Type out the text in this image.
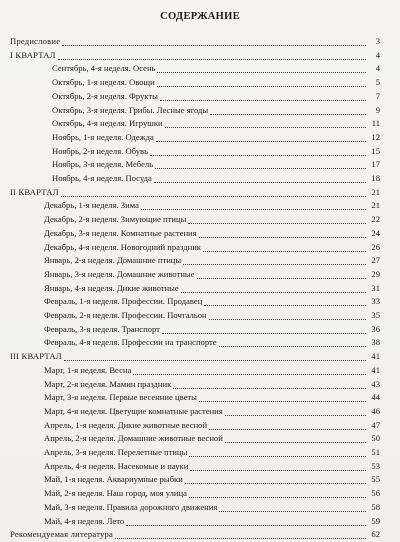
СОДЕРЖАНИЕ
Предисловие	3
I КВАРТАЛ	4
Сентябрь, 4-я неделя. Осень	4
Октябрь, 1-я неделя. Овощи	5
Октябрь, 2-я неделя. Фрукты	7
Октябрь, 3-я неделя. Грибы. Лесные ягоды	9
Октябрь, 4-я неделя. Игрушки	11
Ноябрь, 1-я неделя. Одежда	12
Ноябрь, 2-я неделя. Обувь	15
Ноябрь, 3-я неделя. Мебель	17
Ноябрь, 4-я неделя. Посуда	18
II КВАРТАЛ	21
Декабрь, 1-я неделя. Зима	21
Декабрь, 2-я неделя. Зимующие птицы	22
Декабрь, 3-я неделя. Комнатные растения	24
Декабрь, 4-я неделя. Новогодний праздник	26
Январь, 2-я неделя. Домашние птицы	27
Январь, 3-я неделя. Домашние животные	29
Январь, 4-я неделя. Дикие животные	31
Февраль, 1-я неделя. Профессии. Продавец	33
Февраль, 2-я неделя. Профессии. Почтальон	35
Февраль, 3-я неделя. Транспорт	36
Февраль, 4-я неделя. Профессии на транспорте	38
III КВАРТАЛ	41
Март, 1-я неделя. Весна	41
Март, 2-я неделя. Мамин праздник	43
Март, 3-я неделя. Первые весенние цветы	44
Март, 4-я неделя. Цветущие комнатные растения	46
Апрель, 1-я неделя. Дикие животные весной	47
Апрель, 2-я неделя. Домашние животные весной	50
Апрель, 3-я неделя. Перелетные птицы	51
Апрель, 4-я неделя. Насекомые и пауки	53
Май, 1-я неделя. Аквариумные рыбки	55
Май, 2-я неделя. Наш город, моя улица	56
Май, 3-я неделя. Правила дорожного движения	58
Май, 4-я неделя. Лето	59
Рекомендуемая литература	62
